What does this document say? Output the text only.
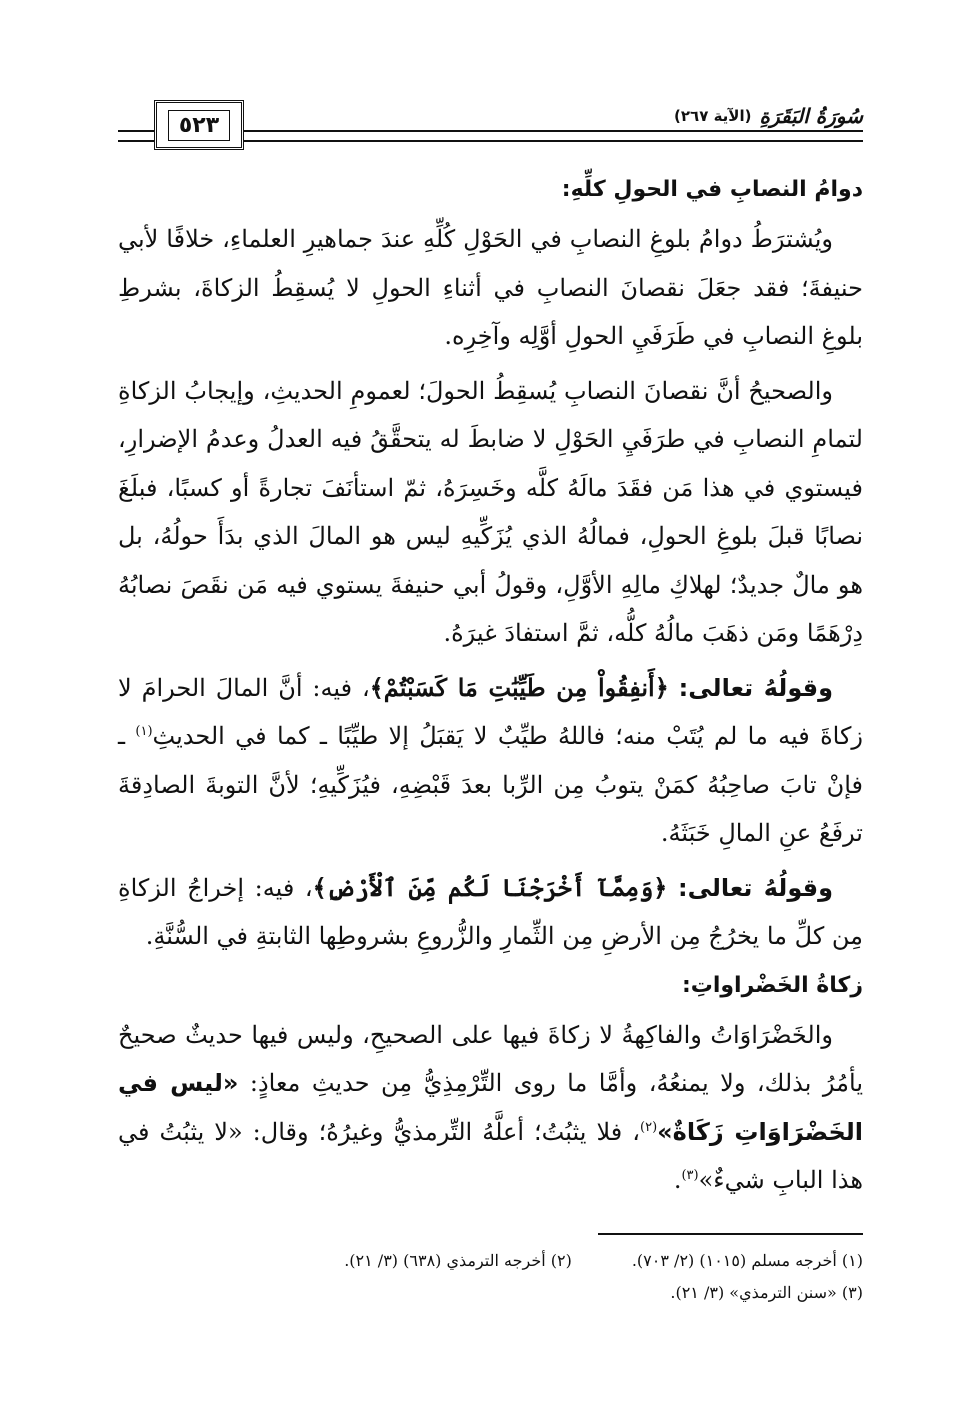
٥٢٣	سُورَةُ البَقَرَةِ
(الآية ٢٦٧)

دوامُ النصابِ في الحولِ كلِّهِ:

ويُشترَطُ دوامُ بلوغِ النصابِ في الحَوْلِ كُلِّهِ عندَ جماهيرِ العلماءِ، خلافًا لأبي حنيفةَ؛ فقد جعَلَ نقصانَ النصابِ في أثناءِ الحولِ لا يُسقِطُ الزكاةَ، بشرطِ بلوغِ النصابِ في طَرَفَيِ الحولِ أوَّلِه وآخِرِه.

والصحيحُ أنَّ نقصانَ النصابِ يُسقِطُ الحولَ؛ لعمومِ الحديثِ، وإيجابُ الزكاةِ لتمامِ النصابِ في طرَفَيِ الحَوْلِ لا ضابطَ له يتحقَّقُ فيه العدلُ وعدمُ الإضرارِ، فيستوي في هذا مَن فقَدَ مالَهُ كلَّه وخَسِرَهُ، ثمّ استأنَفَ تجارةً أو كسبًا، فبلَغَ نصابًا قبلَ بلوغِ الحولِ، فمالُهُ الذي يُزَكِّيهِ ليس هو المالَ الذي بدَأَ حولُهُ، بل هو مالٌ جديدٌ؛ لهلاكِ مالِهِ الأوَّلِ، وقولُ أبي حنيفةَ يستوي فيه مَن نقَصَ نصابُهُ دِرْهَمًا ومَن ذهَبَ مالُهُ كلُّه، ثمَّ استفادَ غيرَهُ.

وقولُهُ تعالى: ﴿أَنفِقُواْ مِن طَيِّبَٰتِ مَا كَسَبْتُمْ﴾، فيه: أنَّ المالَ الحرامَ لا زكاةَ فيه ما لم يُتَبْ منه؛ فاللهُ طيِّبٌ لا يَقبَلُ إلا طيِّبًا ـ كما في الحديثِ$^{(١)}$ ـ فإنْ تابَ صاحِبُهُ كمَنْ يتوبُ مِن الرِّبا بعدَ قَبْضِهِ، فيُزَكِّيهِ؛ لأنَّ التوبةَ الصادِقةَ ترفَعُ عنِ المالِ خَبَثَهُ.

وقولُهُ تعالى: ﴿وَمِمَّآ أَخْرَجْنَا لَكُم مِّنَ ٱلْأَرْضِ﴾، فيه: إخراجُ الزكاةِ مِن كلِّ ما يخرُجُ مِن الأرضِ مِن الثِّمارِ والزُّروعِ بشروطِها الثابتةِ في السُّنَّةِ.

زكاةُ الخَضْراواتِ:

والخَضْرَاوَاتُ والفاكِهةُ لا زكاةَ فيها على الصحيحِ، وليس فيها حديثٌ صحيحٌ يأمُرُ بذلك، ولا يمنعُهُ، وأمَّا ما روى التِّرْمِذِيُّ مِن حديثِ معاذٍ: «ليس في الخَضْرَاوَاتِ زَكَاةٌ»$^{(٢)}$، فلا يثبُتُ؛ أعلَّهُ التِّرمذيُّ وغيرُهُ؛ وقال: «لا يثبُتُ في هذا البابِ شيءٌ»$^{(٣)}$.

(١) أخرجه مسلم (١٠١٥) (٢/ ٧٠٣).
(٢) أخرجه الترمذي (٦٣٨) (٣/ ٢١).
(٣) «سنن الترمذي» (٣/ ٢١).
